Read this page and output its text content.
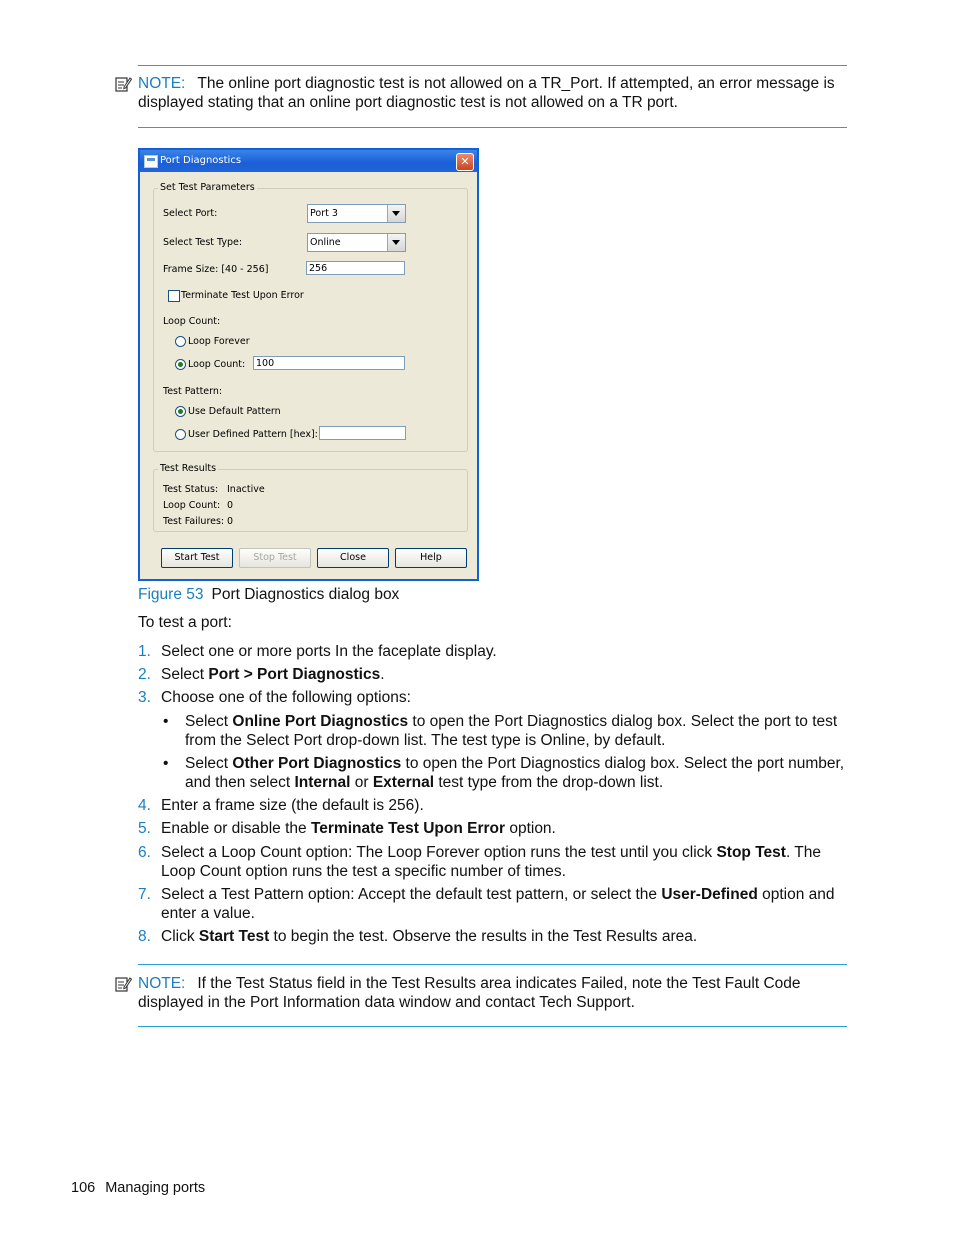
NOTE: The online port diagnostic test is not allowed on a TR_Port. If attempted, an error message is displayed stating that an online port diagnostic test is not allowed on a TR port.
Port Diagnostics	✕
Set Test Parameters
Select Port:	Port 3
Select Test Type:	Online
Frame Size: [40 - 256]	256
Terminate Test Upon Error
Loop Count:
Loop Forever
Loop Count:	100
Test Pattern:
Use Default Pattern
User Defined Pattern [hex]:
Test Results
Test Status: Inactive
Loop Count: 0
Test Failures: 0
Start Test	Stop Test	Close	Help
Figure 53 Port Diagnostics dialog box
To test a port:
1. Select one or more ports In the faceplate display.
2. Select Port > Port Diagnostics.
3. Choose one of the following options:
• Select Online Port Diagnostics to open the Port Diagnostics dialog box. Select the port to test from the Select Port drop-down list. The test type is Online, by default.
• Select Other Port Diagnostics to open the Port Diagnostics dialog box. Select the port number, and then select Internal or External test type from the drop-down list.
4. Enter a frame size (the default is 256).
5. Enable or disable the Terminate Test Upon Error option.
6. Select a Loop Count option: The Loop Forever option runs the test until you click Stop Test. The Loop Count option runs the test a specific number of times.
7. Select a Test Pattern option: Accept the default test pattern, or select the User-Defined option and enter a value.
8. Click Start Test to begin the test. Observe the results in the Test Results area.
NOTE: If the Test Status field in the Test Results area indicates Failed, note the Test Fault Code displayed in the Port Information data window and contact Tech Support.
106 Managing ports
